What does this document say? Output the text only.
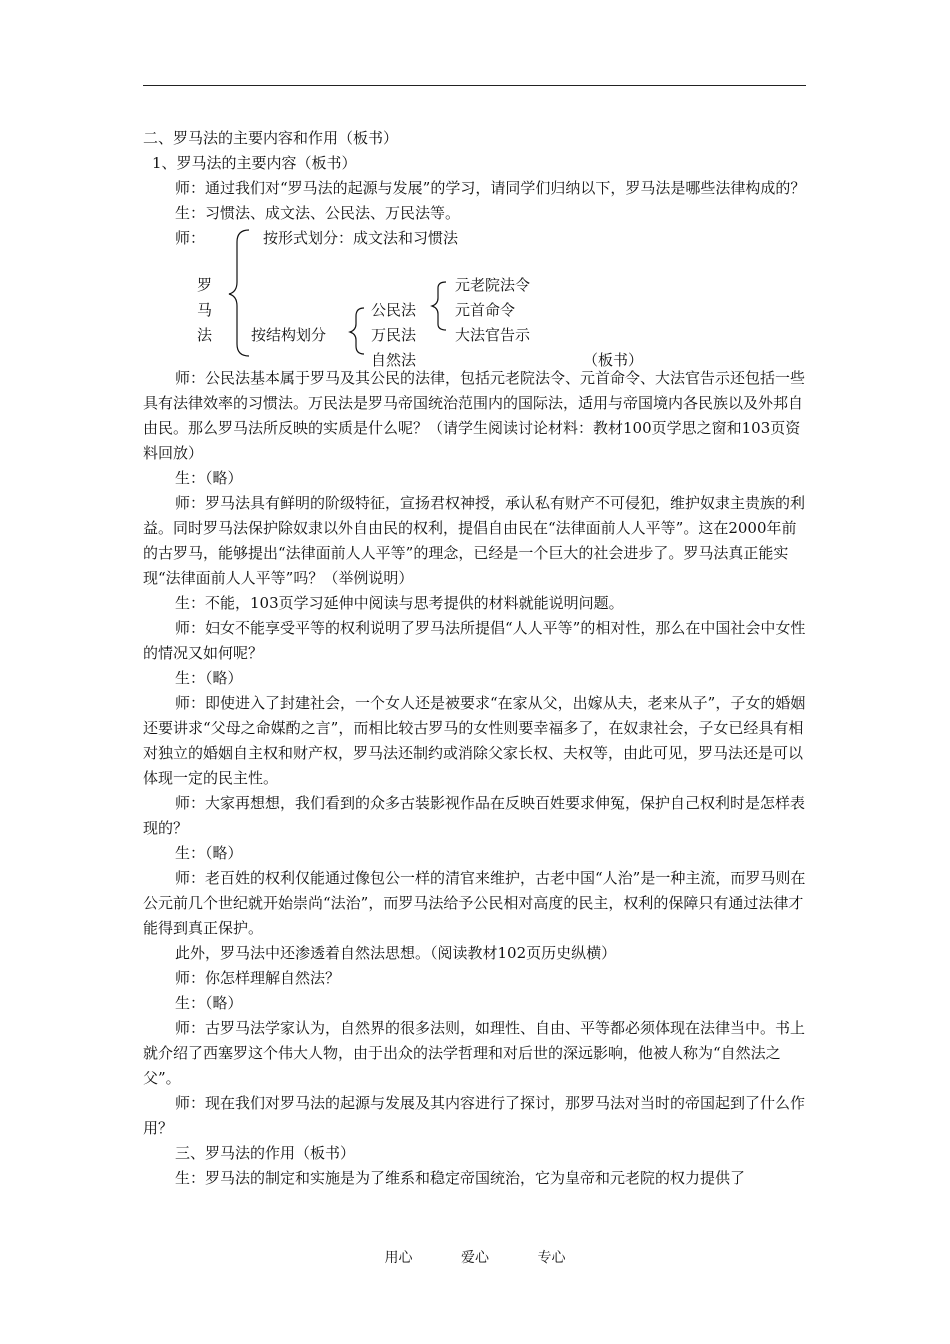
二、罗马法的主要内容和作用（板书）

1、罗马法的主要内容（板书）

师：通过我们对“罗马法的起源与发展”的学习，请同学们归纳以下，罗马法是哪些法律构成的？

生：习惯法、成文法、公民法、万民法等。

师：	按形式划分：成文法和习惯法
罗
马
法
元老院法令
元首命令
大法官告示
公民法
万民法
自然法
按结构划分
（板书）

师：公民法基本属于罗马及其公民的法律，包括元老院法令、元首命令、大法官告示还包括一些具有法律效率的习惯法。万民法是罗马帝国统治范围内的国际法，适用与帝国境内各民族以及外邦自由民。那么罗马法所反映的实质是什么呢？（请学生阅读讨论材料：教材100页学思之窗和103页资料回放）

生：（略）

师：罗马法具有鲜明的阶级特征，宣扬君权神授，承认私有财产不可侵犯，维护奴隶主贵族的利益。同时罗马法保护除奴隶以外自由民的权利，提倡自由民在“法律面前人人平等”。这在2000年前的古罗马，能够提出“法律面前人人平等”的理念，已经是一个巨大的社会进步了。罗马法真正能实现“法律面前人人平等”吗？（举例说明）

生：不能，103页学习延伸中阅读与思考提供的材料就能说明问题。

师：妇女不能享受平等的权利说明了罗马法所提倡“人人平等”的相对性，那么在中国社会中女性的情况又如何呢？

生：（略）

师：即使进入了封建社会，一个女人还是被要求“在家从父，出嫁从夫，老来从子”，子女的婚姻还要讲求“父母之命媒酌之言”，而相比较古罗马的女性则要幸福多了，在奴隶社会，子女已经具有相对独立的婚姻自主权和财产权，罗马法还制约或消除父家长权、夫权等，由此可见，罗马法还是可以体现一定的民主性。

师：大家再想想，我们看到的众多古装影视作品在反映百姓要求伸冤，保护自己权利时是怎样表现的？

生：（略）

师：老百姓的权利仅能通过像包公一样的清官来维护，古老中国“人治”是一种主流，而罗马则在公元前几个世纪就开始崇尚“法治”，而罗马法给予公民相对高度的民主，权利的保障只有通过法律才能得到真正保护。

此外，罗马法中还渗透着自然法思想。（阅读教材102页历史纵横）

师：你怎样理解自然法？

生：（略）

师：古罗马法学家认为，自然界的很多法则，如理性、自由、平等都必须体现在法律当中。书上就介绍了西塞罗这个伟大人物，由于出众的法学哲理和对后世的深远影响，他被人称为“自然法之父”。

师：现在我们对罗马法的起源与发展及其内容进行了探讨，那罗马法对当时的帝国起到了什么作用？

三、罗马法的作用（板书）

生：罗马法的制定和实施是为了维系和稳定帝国统治，它为皇帝和元老院的权力提供了

用心	爱心	专心
